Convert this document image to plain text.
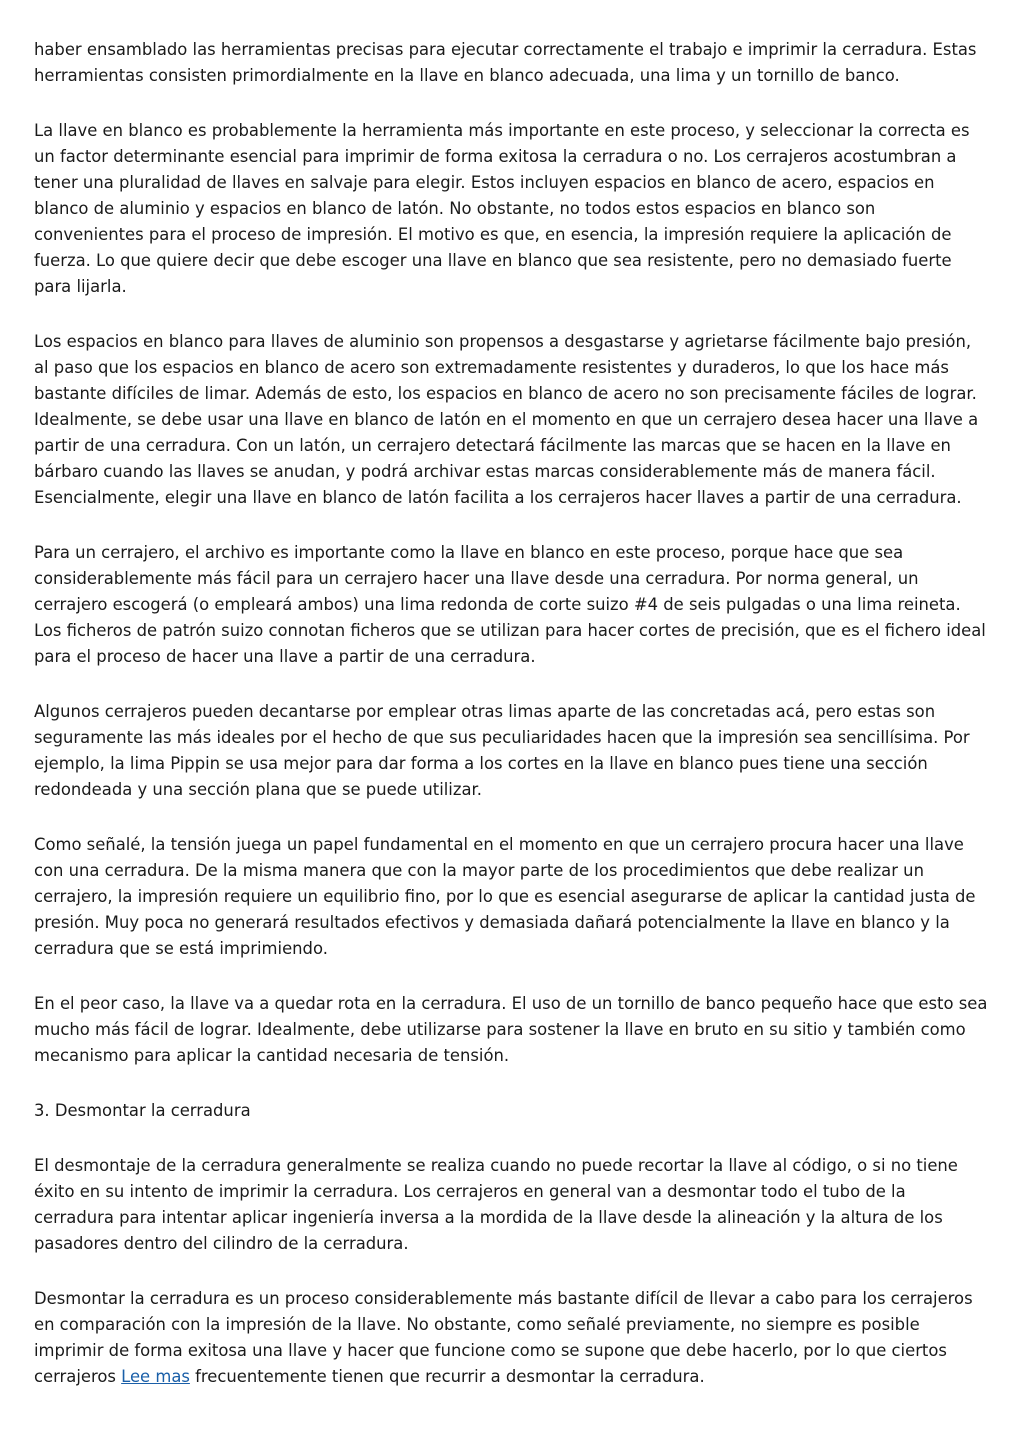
haber ensamblado las herramientas precisas para ejecutar correctamente el trabajo e imprimir la cerradura. Estas herramientas consisten primordialmente en la llave en blanco adecuada, una lima y un tornillo de banco.

La llave en blanco es probablemente la herramienta más importante en este proceso, y seleccionar la correcta es un factor determinante esencial para imprimir de forma exitosa la cerradura o no. Los cerrajeros acostumbran a tener una pluralidad de llaves en salvaje para elegir. Estos incluyen espacios en blanco de acero, espacios en blanco de aluminio y espacios en blanco de latón. No obstante, no todos estos espacios en blanco son convenientes para el proceso de impresión. El motivo es que, en esencia, la impresión requiere la aplicación de fuerza. Lo que quiere decir que debe escoger una llave en blanco que sea resistente, pero no demasiado fuerte para lijarla.

Los espacios en blanco para llaves de aluminio son propensos a desgastarse y agrietarse fácilmente bajo presión, al paso que los espacios en blanco de acero son extremadamente resistentes y duraderos, lo que los hace más bastante difíciles de limar. Además de esto, los espacios en blanco de acero no son precisamente fáciles de lograr. Idealmente, se debe usar una llave en blanco de latón en el momento en que un cerrajero desea hacer una llave a partir de una cerradura. Con un latón, un cerrajero detectará fácilmente las marcas que se hacen en la llave en bárbaro cuando las llaves se anudan, y podrá archivar estas marcas considerablemente más de manera fácil. Esencialmente, elegir una llave en blanco de latón facilita a los cerrajeros hacer llaves a partir de una cerradura.

Para un cerrajero, el archivo es importante como la llave en blanco en este proceso, porque hace que sea considerablemente más fácil para un cerrajero hacer una llave desde una cerradura. Por norma general, un cerrajero escogerá (o empleará ambos) una lima redonda de corte suizo #4 de seis pulgadas o una lima reineta. Los ficheros de patrón suizo connotan ficheros que se utilizan para hacer cortes de precisión, que es el fichero ideal para el proceso de hacer una llave a partir de una cerradura.

Algunos cerrajeros pueden decantarse por emplear otras limas aparte de las concretadas acá, pero estas son seguramente las más ideales por el hecho de que sus peculiaridades hacen que la impresión sea sencillísima. Por ejemplo, la lima Pippin se usa mejor para dar forma a los cortes en la llave en blanco pues tiene una sección redondeada y una sección plana que se puede utilizar.

Como señalé, la tensión juega un papel fundamental en el momento en que un cerrajero procura hacer una llave con una cerradura. De la misma manera que con la mayor parte de los procedimientos que debe realizar un cerrajero, la impresión requiere un equilibrio fino, por lo que es esencial asegurarse de aplicar la cantidad justa de presión. Muy poca no generará resultados efectivos y demasiada dañará potencialmente la llave en blanco y la cerradura que se está imprimiendo.

En el peor caso, la llave va a quedar rota en la cerradura. El uso de un tornillo de banco pequeño hace que esto sea mucho más fácil de lograr. Idealmente, debe utilizarse para sostener la llave en bruto en su sitio y también como mecanismo para aplicar la cantidad necesaria de tensión.

3. Desmontar la cerradura

El desmontaje de la cerradura generalmente se realiza cuando no puede recortar la llave al código, o si no tiene éxito en su intento de imprimir la cerradura. Los cerrajeros en general van a desmontar todo el tubo de la cerradura para intentar aplicar ingeniería inversa a la mordida de la llave desde la alineación y la altura de los pasadores dentro del cilindro de la cerradura.

Desmontar la cerradura es un proceso considerablemente más bastante difícil de llevar a cabo para los cerrajeros en comparación con la impresión de la llave. No obstante, como señalé previamente, no siempre es posible imprimir de forma exitosa una llave y hacer que funcione como se supone que debe hacerlo, por lo que ciertos cerrajeros Lee mas frecuentemente tienen que recurrir a desmontar la cerradura.
